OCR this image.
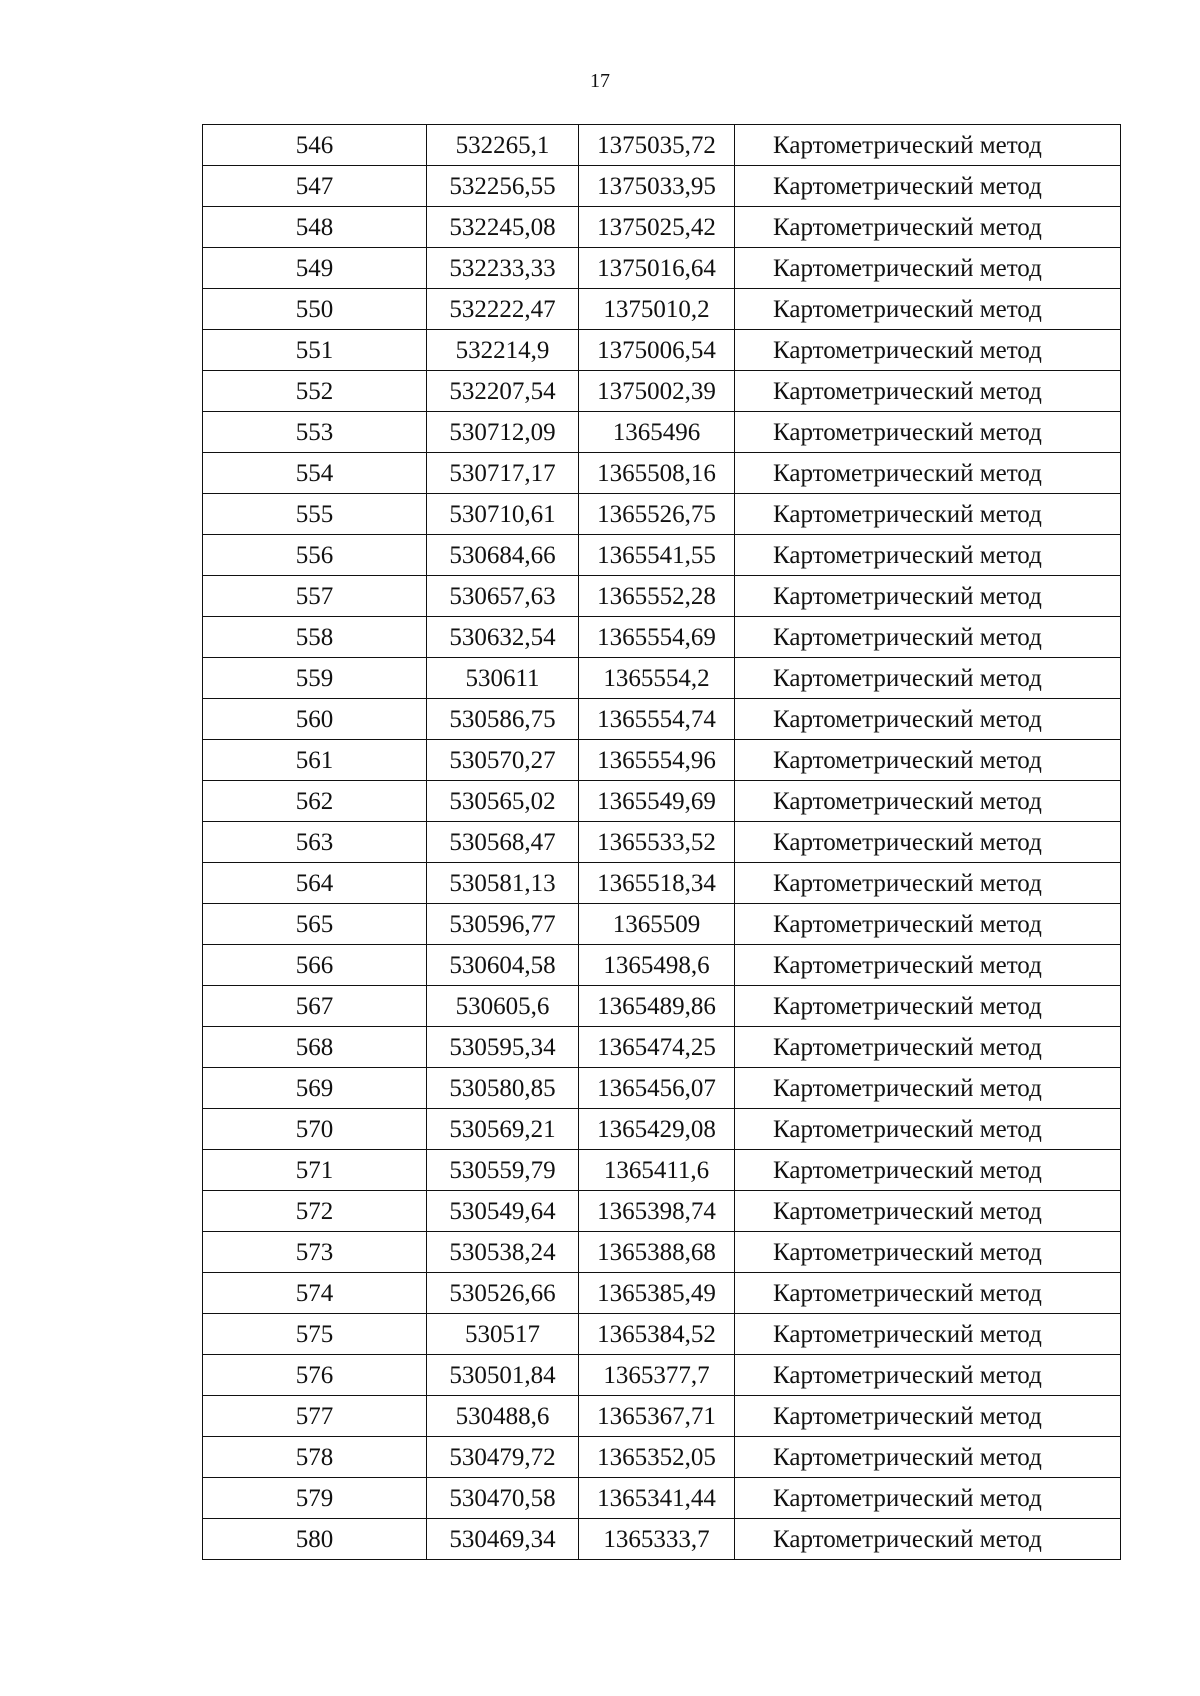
17
546	532265,1	1375035,72	Картометрический метод
547	532256,55	1375033,95	Картометрический метод
548	532245,08	1375025,42	Картометрический метод
549	532233,33	1375016,64	Картометрический метод
550	532222,47	1375010,2	Картометрический метод
551	532214,9	1375006,54	Картометрический метод
552	532207,54	1375002,39	Картометрический метод
553	530712,09	1365496	Картометрический метод
554	530717,17	1365508,16	Картометрический метод
555	530710,61	1365526,75	Картометрический метод
556	530684,66	1365541,55	Картометрический метод
557	530657,63	1365552,28	Картометрический метод
558	530632,54	1365554,69	Картометрический метод
559	530611	1365554,2	Картометрический метод
560	530586,75	1365554,74	Картометрический метод
561	530570,27	1365554,96	Картометрический метод
562	530565,02	1365549,69	Картометрический метод
563	530568,47	1365533,52	Картометрический метод
564	530581,13	1365518,34	Картометрический метод
565	530596,77	1365509	Картометрический метод
566	530604,58	1365498,6	Картометрический метод
567	530605,6	1365489,86	Картометрический метод
568	530595,34	1365474,25	Картометрический метод
569	530580,85	1365456,07	Картометрический метод
570	530569,21	1365429,08	Картометрический метод
571	530559,79	1365411,6	Картометрический метод
572	530549,64	1365398,74	Картометрический метод
573	530538,24	1365388,68	Картометрический метод
574	530526,66	1365385,49	Картометрический метод
575	530517	1365384,52	Картометрический метод
576	530501,84	1365377,7	Картометрический метод
577	530488,6	1365367,71	Картометрический метод
578	530479,72	1365352,05	Картометрический метод
579	530470,58	1365341,44	Картометрический метод
580	530469,34	1365333,7	Картометрический метод
